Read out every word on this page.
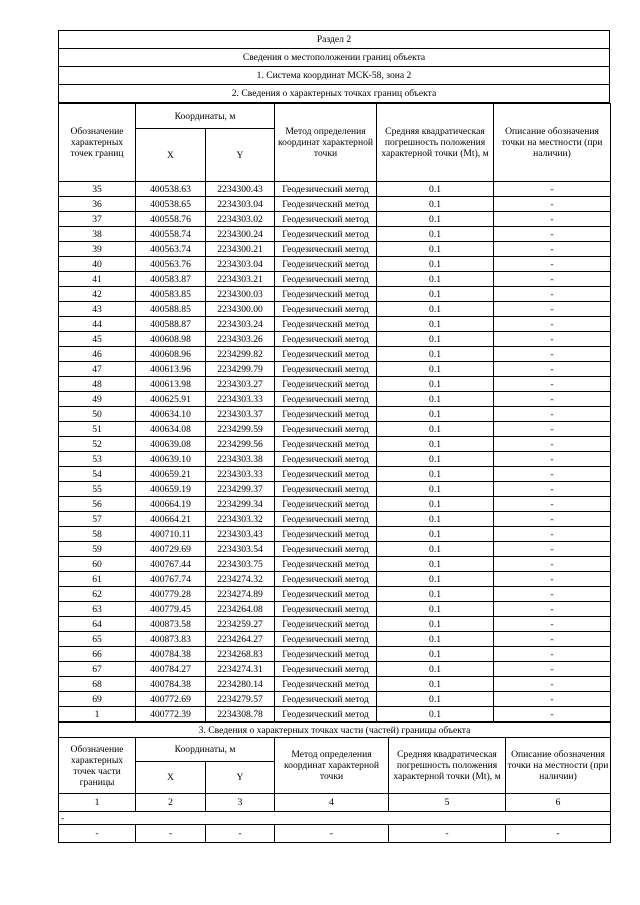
Раздел 2
Сведения о местоположении границ объекта
1. Система координат МСК-58, зона 2
2. Сведения о характерных точках границ объекта
Обозначение характерных точек границ	Координаты, м		Метод определения координат характерной точки	Средняя квадратическая погрешность положения характерной точки (Mt), м	Описание обозначения точки на местности (при наличии)
	X	Y			
35	400538.63	2234300.43	Геодезический метод	0.1	-
36	400538.65	2234303.04	Геодезический метод	0.1	-
37	400558.76	2234303.02	Геодезический метод	0.1	-
38	400558.74	2234300.24	Геодезический метод	0.1	-
39	400563.74	2234300.21	Геодезический метод	0.1	-
40	400563.76	2234303.04	Геодезический метод	0.1	-
41	400583.87	2234303.21	Геодезический метод	0.1	-
42	400583.85	2234300.03	Геодезический метод	0.1	-
43	400588.85	2234300.00	Геодезический метод	0.1	-
44	400588.87	2234303.24	Геодезический метод	0.1	-
45	400608.98	2234303.26	Геодезический метод	0.1	-
46	400608.96	2234299.82	Геодезический метод	0.1	-
47	400613.96	2234299.79	Геодезический метод	0.1	-
48	400613.98	2234303.27	Геодезический метод	0.1	-
49	400625.91	2234303.33	Геодезический метод	0.1	-
50	400634.10	2234303.37	Геодезический метод	0.1	-
51	400634.08	2234299.59	Геодезический метод	0.1	-
52	400639.08	2234299.56	Геодезический метод	0.1	-
53	400639.10	2234303.38	Геодезический метод	0.1	-
54	400659.21	2234303.33	Геодезический метод	0.1	-
55	400659.19	2234299.37	Геодезический метод	0.1	-
56	400664.19	2234299.34	Геодезический метод	0.1	-
57	400664.21	2234303.32	Геодезический метод	0.1	-
58	400710.11	2234303.43	Геодезический метод	0.1	-
59	400729.69	2234303.54	Геодезический метод	0.1	-
60	400767.44	2234303.75	Геодезический метод	0.1	-
61	400767.74	2234274.32	Геодезический метод	0.1	-
62	400779.28	2234274.89	Геодезический метод	0.1	-
63	400779.45	2234264.08	Геодезический метод	0.1	-
64	400873.58	2234259.27	Геодезический метод	0.1	-
65	400873.83	2234264.27	Геодезический метод	0.1	-
66	400784.38	2234268.83	Геодезический метод	0.1	-
67	400784.27	2234274.31	Геодезический метод	0.1	-
68	400784.38	2234280.14	Геодезический метод	0.1	-
69	400772.69	2234279.57	Геодезический метод	0.1	-
1	400772.39	2234308.78	Геодезический метод	0.1	-
3. Сведения о характерных точках части (частей) границы объекта					
Обозначение характерных точек части границы	Координаты, м		Метод определения координат характерной точки	Средняя квадратическая погрешность положения характерной точки (Mt), м	Описание обозначения точки на местности (при наличии)
	X	Y			
1	2	3	4	5	6
-					
-	-	-	-	-	-
